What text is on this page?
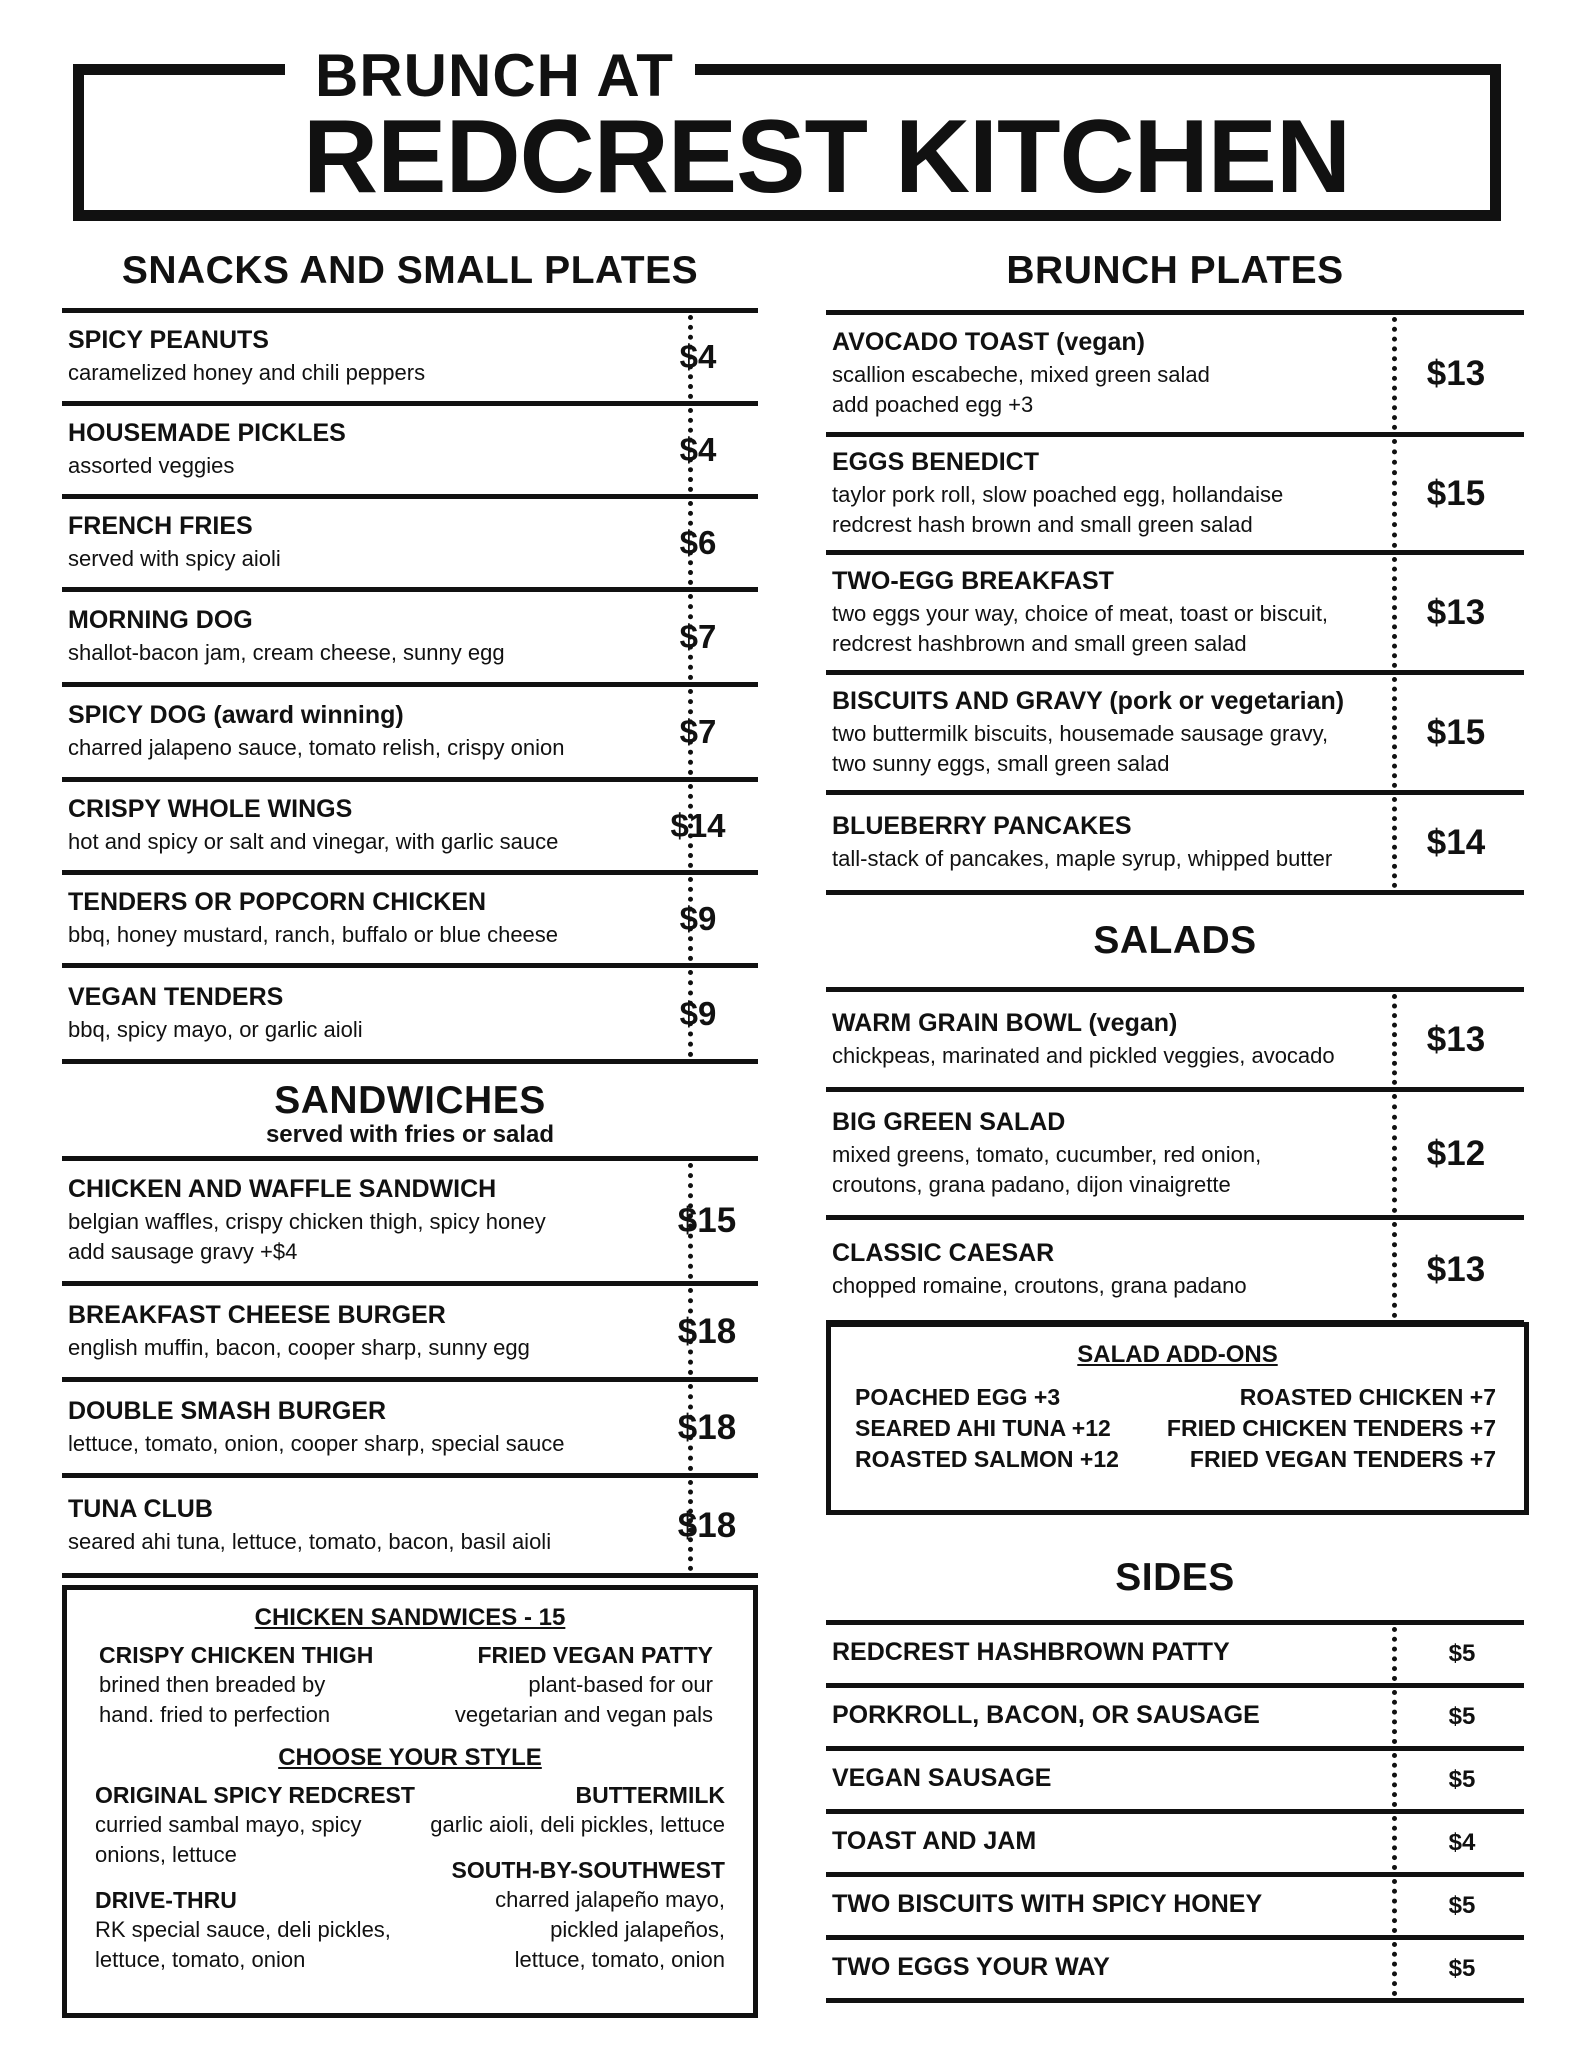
BRUNCH AT
REDCREST KITCHEN
SNACKS AND SMALL PLATES
SPICY PEANUTS
caramelized honey and chili peppers	$4
HOUSEMADE PICKLES
assorted veggies	$4
FRENCH FRIES
served with spicy aioli	$6
MORNING DOG
shallot-bacon jam, cream cheese, sunny egg	$7
SPICY DOG (award winning)
charred jalapeno sauce, tomato relish, crispy onion	$7
CRISPY WHOLE WINGS
hot and spicy or salt and vinegar, with garlic sauce	$14
TENDERS OR POPCORN CHICKEN
bbq, honey mustard, ranch, buffalo or blue cheese	$9
VEGAN TENDERS
bbq, spicy mayo, or garlic aioli	$9
SANDWICHES
served with fries or salad
CHICKEN AND WAFFLE SANDWICH
belgian waffles, crispy chicken thigh, spicy honey
add sausage gravy +$4
$15
BREAKFAST CHEESE BURGER
english muffin, bacon, cooper sharp, sunny egg	$18
DOUBLE SMASH BURGER
lettuce, tomato, onion, cooper sharp, special sauce	$18
TUNA CLUB
seared ahi tuna, lettuce, tomato, bacon, basil aioli	$18
CHICKEN SANDWICES - 15
CRISPY CHICKEN THIGH
brined then breaded by
hand. fried to perfection
FRIED VEGAN PATTY
plant-based for our
vegetarian and vegan pals
CHOOSE YOUR STYLE
ORIGINAL SPICY REDCREST
curried sambal mayo, spicy
onions, lettuce
BUTTERMILK
garlic aioli, deli pickles, lettuce
DRIVE-THRU
RK special sauce, deli pickles,
lettuce, tomato, onion
SOUTH-BY-SOUTHWEST
charred jalapeño mayo,
pickled jalapeños,
lettuce, tomato, onion
BRUNCH PLATES
AVOCADO TOAST (vegan)
scallion escabeche, mixed green salad
add poached egg +3
$13
EGGS BENEDICT
taylor pork roll, slow poached egg, hollandaise
redcrest hash brown and small green salad
$15
TWO-EGG BREAKFAST
two eggs your way, choice of meat, toast or biscuit,
redcrest hashbrown and small green salad
$13
BISCUITS AND GRAVY (pork or vegetarian)
two buttermilk biscuits, housemade sausage gravy,
two sunny eggs, small green salad
$15
BLUEBERRY PANCAKES
tall-stack of pancakes, maple syrup, whipped butter	$14
SALADS
WARM GRAIN BOWL (vegan)
chickpeas, marinated and pickled veggies, avocado	$13
BIG GREEN SALAD
mixed greens, tomato, cucumber, red onion,
croutons, grana padano, dijon vinaigrette
$12
CLASSIC CAESAR
chopped romaine, croutons, grana padano	$13
SALAD ADD-ONS
POACHED EGG +3
SEARED AHI TUNA +12
ROASTED SALMON +12
ROASTED CHICKEN +7
FRIED CHICKEN TENDERS +7
FRIED VEGAN TENDERS +7
SIDES
REDCREST HASHBROWN PATTY	$5
PORKROLL, BACON, OR SAUSAGE	$5
VEGAN SAUSAGE	$5
TOAST AND JAM	$4
TWO BISCUITS WITH SPICY HONEY	$5
TWO EGGS YOUR WAY	$5
